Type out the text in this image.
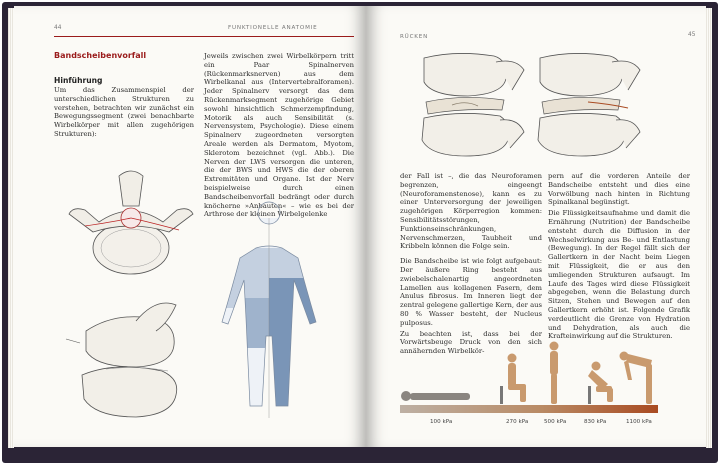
44	FUNKTIONELLE ANATOMIE
Bandscheibenvorfall
Hinführung

Um das Zusammenspiel der unterschiedlichen Strukturen zu verstehen, betrachten wir zunächst ein Bewegungssegment (zwei benachbarte Wirbelkörper mit allen zugehörigen Strukturen):

Jeweils zwischen zwei Wirbelkörpern tritt ein Paar Spinalnerven (Rückenmarksnerven) aus dem Wirbelkanal aus (Intervertebralforamen). Jeder Spinalnerv versorgt das dem Rückenmarksegment zugehörige Gebiet sowohl hinsichtlich Schmerzempfindung, Motorik als auch Sensibilität (s. Nervensystem, Psychologie). Diese einem Spinalnerv zugeordneten versorgten Areale werden als Dermatom, Myotom, Sklerotom bezeichnet (vgl. Abb.). Die Nerven der LWS versorgen die unteren, die der BWS und HWS die der oberen Extremitäten und Organe. Ist der Nerv beispielweise durch einen Bandscheibenvorfall bedrängt oder durch knöcherne »Anbauten« – wie es bei der Arthrose der kleinen Wirbelgelenke

RÜCKEN	45

der Fall ist –, die das Neuroforamen begrenzen, eingeengt (Neuroforamenstenose), kann es zu einer Unterversorgung der jeweiligen zugehörigen Körperregion kommen: Sensibilitätsstörungen, Funktionseinschränkungen, Nervenschmerzen, Taubheit und Kribbeln können die Folge sein.

Die Bandscheibe ist wie folgt aufgebaut: Der äußere Ring besteht aus zwiebelschalenartig angeordneten Lamellen aus kollagenen Fasern, dem Anulus fibrosus. Im Inneren liegt der zentral gelegene gallertige Kern, der aus 80 % Wasser besteht, der Nucleus pulposus.

Zu beachten ist, dass bei der Vorwärtsbeuge Druck von den sich annähernden Wirbelkör-

pern auf die vorderen Anteile der Bandscheibe entsteht und dies eine Vorwölbung nach hinten in Richtung Spinalkanal begünstigt.

Die Flüssigkeitsaufnahme und damit die Ernährung (Nutrition) der Bandscheibe entsteht durch die Diffusion in der Wechselwirkung aus Be- und Entlastung (Bewegung). In der Regel fällt sich der Gallertkern in der Nacht beim Liegen mit Flüssigkeit, die er aus den umliegenden Strukturen aufsaugt. Im Laufe des Tages wird diese Flüssigkeit abgegeben, wenn die Belastung durch Sitzen, Stehen und Bewegen auf den Gallertkern erhöht ist. Folgende Grafik verdeutlicht die Grenze von Hydration und Dehydration, als auch die Krafteinwirkung auf die Strukturen.

100 kPa	270 kPa	500 kPa	830 kPa	1100 kPa
